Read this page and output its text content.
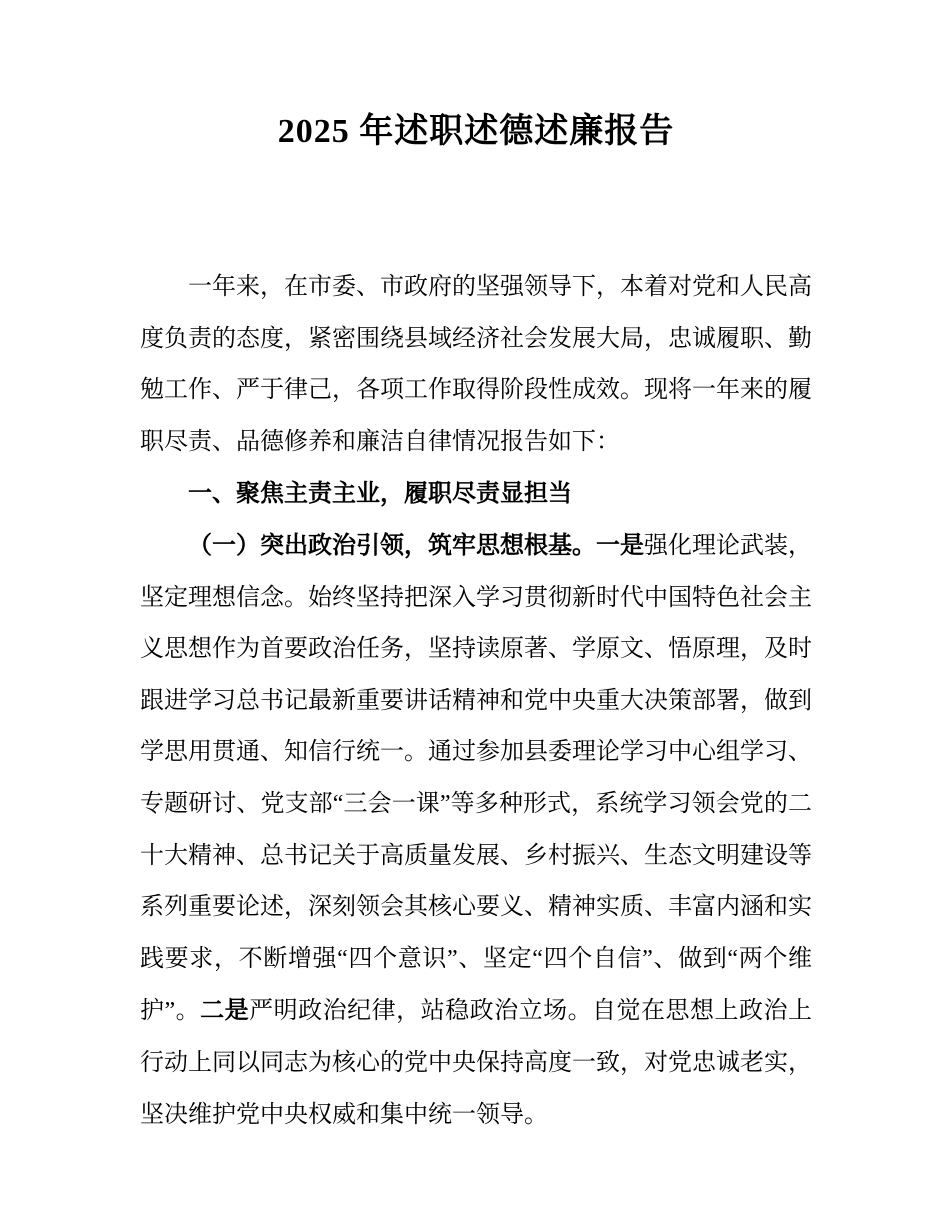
2025 年述职述德述廉报告

一年来，在市委、市政府的坚强领导下，本着对党和人民高度负责的态度，紧密围绕县域经济社会发展大局，忠诚履职、勤勉工作、严于律己，各项工作取得阶段性成效。现将一年来的履职尽责、品德修养和廉洁自律情况报告如下：

一、聚焦主责主业，履职尽责显担当

（一）突出政治引领，筑牢思想根基。一是强化理论武装，坚定理想信念。始终坚持把深入学习贯彻新时代中国特色社会主义思想作为首要政治任务，坚持读原著、学原文、悟原理，及时跟进学习总书记最新重要讲话精神和党中央重大决策部署，做到学思用贯通、知信行统一。通过参加县委理论学习中心组学习、专题研讨、党支部“三会一课”等多种形式，系统学习领会党的二十大精神、总书记关于高质量发展、乡村振兴、生态文明建设等系列重要论述，深刻领会其核心要义、精神实质、丰富内涵和实践要求，不断增强“四个意识”、坚定“四个自信”、做到“两个维护”。二是严明政治纪律，站稳政治立场。自觉在思想上政治上行动上同以同志为核心的党中央保持高度一致，对党忠诚老实，坚决维护党中央权威和集中统一领导。
